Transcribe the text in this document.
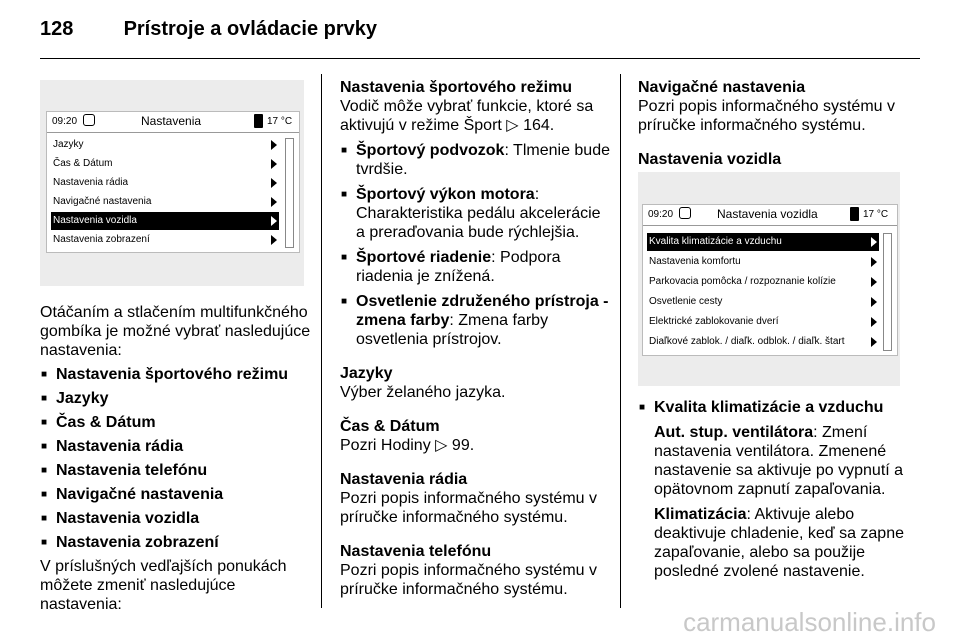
128	Prístroje a ovládacie prvky
09:20	Nastavenia	17 °C
Jazyky
Čas & Dátum
Nastavenia rádia
Navigačné nastavenia
Nastavenia vozidla
Nastavenia zobrazení

Otáčaním a stlačením multifunkčného gombíka je možné vybrať nasledujúce nastavenia:

■ Nastavenia športového režimu

■ Jazyky

■ Čas & Dátum

■ Nastavenia rádia

■ Nastavenia telefónu

■ Navigačné nastavenia

■ Nastavenia vozidla

■ Nastavenia zobrazení

V príslušných vedľajších ponukách môžete zmeniť nasledujúce nastavenia:

Nastavenia športového režimu

Vodič môže vybrať funkcie, ktoré sa aktivujú v režime Šport ▷ 164.

■ Športový podvozok: Tlmenie bude tvrdšie.

■ Športový výkon motora: Charakteristika pedálu akcelerácie a preraďovania bude rýchlejšia.

■ Športové riadenie: Podpora riadenia je znížená.

■ Osvetlenie združeného prístroja - zmena farby: Zmena farby osvetlenia prístrojov.

Jazyky

Výber želaného jazyka.

Čas & Dátum

Pozri Hodiny ▷ 99.

Nastavenia rádia

Pozri popis informačného systému v príručke informačného systému.

Nastavenia telefónu

Pozri popis informačného systému v príručke informačného systému.

Navigačné nastavenia

Pozri popis informačného systému v príručke informačného systému.

Nastavenia vozidla

09:20	Nastavenia vozidla	17 °C
Kvalita klimatizácie a vzduchu
Nastavenia komfortu
Parkovacia pomôcka / rozpoznanie kolízie
Osvetlenie cesty
Elektrické zablokovanie dverí
Diaľkové zablok. / diaľk. odblok. / diaľk. štart

■ Kvalita klimatizácie a vzduchu

Aut. stup. ventilátora: Zmení nastavenia ventilátora. Zmenené nastavenie sa aktivuje po vypnutí a opätovnom zapnutí zapaľovania.

Klimatizácia: Aktivuje alebo deaktivuje chladenie, keď sa zapne zapaľovanie, alebo sa použije posledné zvolené nastavenie.

carmanualsonline.info
